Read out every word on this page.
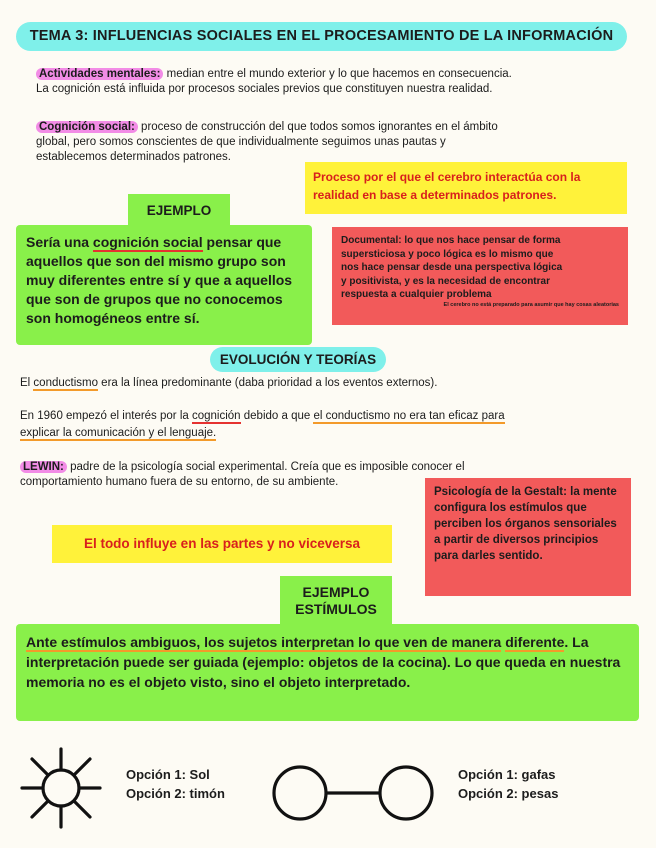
TEMA 3: INFLUENCIAS SOCIALES EN EL PROCESAMIENTO DE LA INFORMACIÓN
Actividades mentales: median entre el mundo exterior y lo que hacemos en consecuencia.
La cognición está influida por procesos sociales previos que constituyen nuestra realidad.
Cognición social: proceso de construcción del que todos somos ignorantes en el ámbito
global, pero somos conscientes de que individualmente seguimos unas pautas y
establecemos determinados patrones.
Proceso por el que el cerebro interactúa con la realidad en base a determinados patrones.
Sería una cognición social pensar que aquellos que son del mismo grupo son muy diferentes entre sí y que a aquellos que son de grupos que no conocemos son homogéneos entre sí.
EJEMPLO
Documental: lo que nos hace pensar de forma
supersticiosa y poco lógica es lo mismo que
nos hace pensar desde una perspectiva lógica
y positivista, y es la necesidad de encontrar
respuesta a cualquier problema
El cerebro no está preparado para asumir que hay cosas aleatorias
EVOLUCIÓN Y TEORÍAS
El conductismo era la línea predominante (daba prioridad a los eventos externos).
En 1960 empezó el interés por la cognición debido a que el conductismo no era tan eficaz para
explicar la comunicación y el lenguaje.
LEWIN: padre de la psicología social experimental. Creía que es imposible conocer el
comportamiento humano fuera de su entorno, de su ambiente.
Psicología de la Gestalt: la mente configura los estímulos que perciben los órganos sensoriales a partir de diversos principios para darles sentido.
El todo influye en las partes y no viceversa
Ante estímulos ambiguos, los sujetos interpretan lo que ven de manera diferente. La interpretación puede ser guiada (ejemplo: objetos de la cocina). Lo que queda en nuestra memoria no es el objeto visto, sino el objeto interpretado.
EJEMPLO
ESTÍMULOS
Opción 1: Sol
Opción 2: timón
Opción 1: gafas
Opción 2: pesas
